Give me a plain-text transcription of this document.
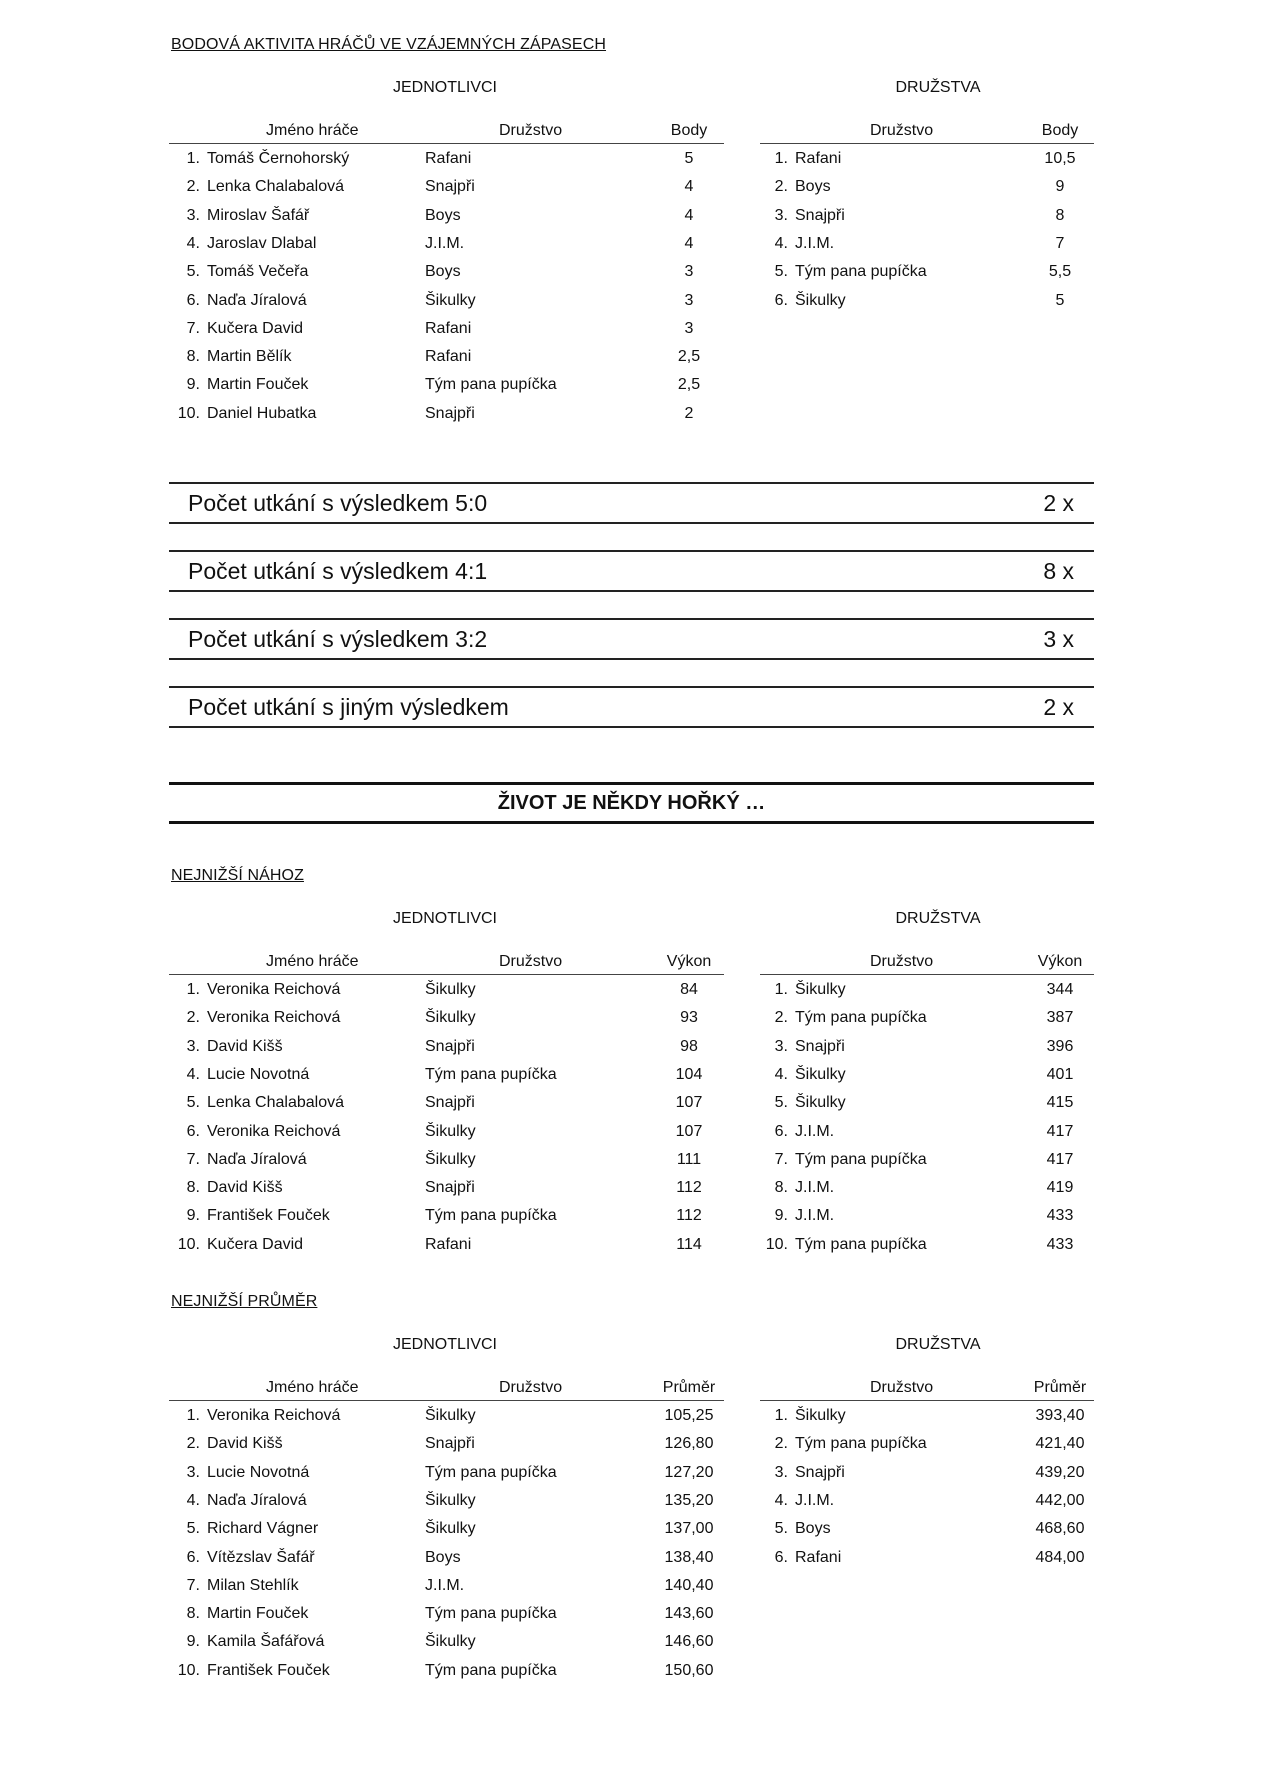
BODOVÁ AKTIVITA HRÁČŮ VE VZÁJEMNÝCH ZÁPASECH
JEDNOTLIVCI	DRUŽSTVA
Jméno hráče	Družstvo	Body
1. Tomáš Černohorský	Rafani	5
2. Lenka Chalabalová	Snajpři	4
3. Miroslav Šafář	Boys	4
4. Jaroslav Dlabal	J.I.M.	4
5. Tomáš Večeřa	Boys	3
6. Naďa Jíralová	Šikulky	3
7. Kučera David	Rafani	3
8. Martin Bělík	Rafani	2,5
9. Martin Fouček	Tým pana pupíčka	2,5
10. Daniel Hubatka	Snajpři	2
Družstvo	Body
1. Rafani	10,5
2. Boys	9
3. Snajpři	8
4. J.I.M.	7
5. Tým pana pupíčka	5,5
6. Šikulky	5
Počet utkání s výsledkem 5:0	2 x
Počet utkání s výsledkem 4:1	8 x
Počet utkání s výsledkem 3:2	3 x
Počet utkání s jiným výsledkem	2 x
ŽIVOT JE NĚKDY HOŘKÝ …
NEJNIŽŠÍ NÁHOZ
JEDNOTLIVCI	DRUŽSTVA
Jméno hráče	Družstvo	Výkon
1. Veronika Reichová	Šikulky	84
2. Veronika Reichová	Šikulky	93
3. David Kišš	Snajpři	98
4. Lucie Novotná	Tým pana pupíčka	104
5. Lenka Chalabalová	Snajpři	107
6. Veronika Reichová	Šikulky	107
7. Naďa Jíralová	Šikulky	111
8. David Kišš	Snajpři	112
9. František Fouček	Tým pana pupíčka	112
10. Kučera David	Rafani	114
Družstvo	Výkon
1. Šikulky	344
2. Tým pana pupíčka	387
3. Snajpři	396
4. Šikulky	401
5. Šikulky	415
6. J.I.M.	417
7. Tým pana pupíčka	417
8. J.I.M.	419
9. J.I.M.	433
10. Tým pana pupíčka	433
NEJNIŽŠÍ PRŮMĚR
JEDNOTLIVCI	DRUŽSTVA
Jméno hráče	Družstvo	Průměr
1. Veronika Reichová	Šikulky	105,25
2. David Kišš	Snajpři	126,80
3. Lucie Novotná	Tým pana pupíčka	127,20
4. Naďa Jíralová	Šikulky	135,20
5. Richard Vágner	Šikulky	137,00
6. Vítězslav Šafář	Boys	138,40
7. Milan Stehlík	J.I.M.	140,40
8. Martin Fouček	Tým pana pupíčka	143,60
9. Kamila Šafářová	Šikulky	146,60
10. František Fouček	Tým pana pupíčka	150,60
Družstvo	Průměr
1. Šikulky	393,40
2. Tým pana pupíčka	421,40
3. Snajpři	439,20
4. J.I.M.	442,00
5. Boys	468,60
6. Rafani	484,00
